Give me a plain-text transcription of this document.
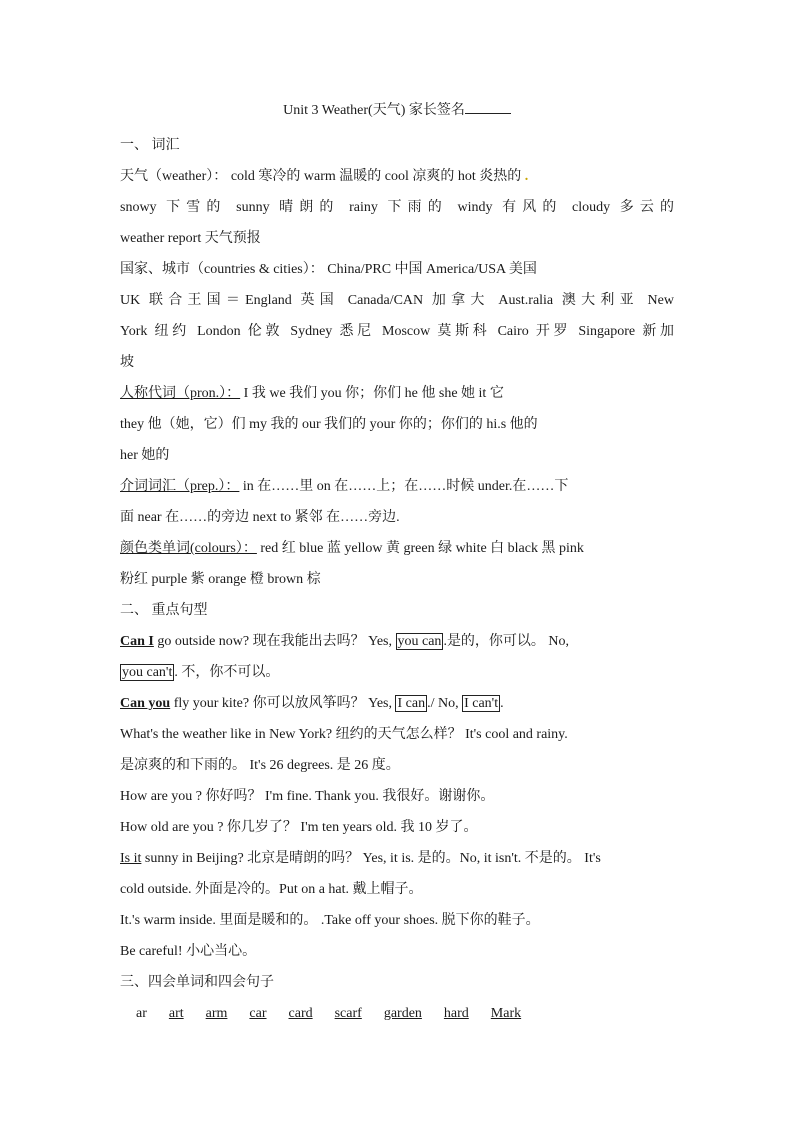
Unit 3 Weather(天气) 家长签名
一、 词汇
天气（weather）： cold 寒冷的 warm 温暖的 cool 凉爽的 hot 炎热的 .
snowy 下雪的 sunny 晴朗的 rainy 下雨的 windy 有风的 cloudy 多云的
weather report 天气预报
国家、城市（countries & cities）： China/PRC 中国 America/USA 美国
UK 联合王国＝England 英国 Canada/CAN 加拿大 Aust.ralia 澳大利亚 New
York 纽约 London 伦敦 Sydney 悉尼 Moscow 莫斯科 Cairo 开罗 Singapore 新加
坡
人称代词（pron.）： I 我 we 我们 you 你；你们 he 他 she 她 it 它
they 他（她，它）们 my 我的 our 我们的 your 你的；你们的 hi.s 他的
her 她的
介词词汇（prep.）： in 在……里 on 在……上；在……时候 under.在……下
面 near 在……的旁边 next to 紧邻 在……旁边.
颜色类单词(colours）： red 红 blue 蓝 yellow 黄 green 绿 white 白 black 黑 pink
粉红 purple 紫 orange 橙 brown 棕
二、 重点句型
Can I go outside now? 现在我能出去吗？ Yes, you can .是的，你可以。 No,
you can't . 不，你不可以。
Can you fly your kite? 你可以放风筝吗？ Yes, I can ./ No, I can't .
What's the weather like in New York? 纽约的天气怎么样？ It's cool and rainy.
是凉爽的和下雨的。 It's 26 degrees. 是 26 度。
How are you ? 你好吗？ I'm fine. Thank you. 我很好。谢谢你。
How old are you ? 你几岁了？ I'm ten years old. 我 10 岁了。
Is it sunny in Beijing? 北京是晴朗的吗？ Yes, it is. 是的。No, it isn't. 不是的。 It's
cold outside. 外面是冷的。Put on a hat. 戴上帽子。
It.'s warm inside. 里面是暖和的。 .Take off your shoes. 脱下你的鞋子。
Be careful! 小心当心。
三、四会单词和四会句子
ar art arm car card scarf garden hard Mark
